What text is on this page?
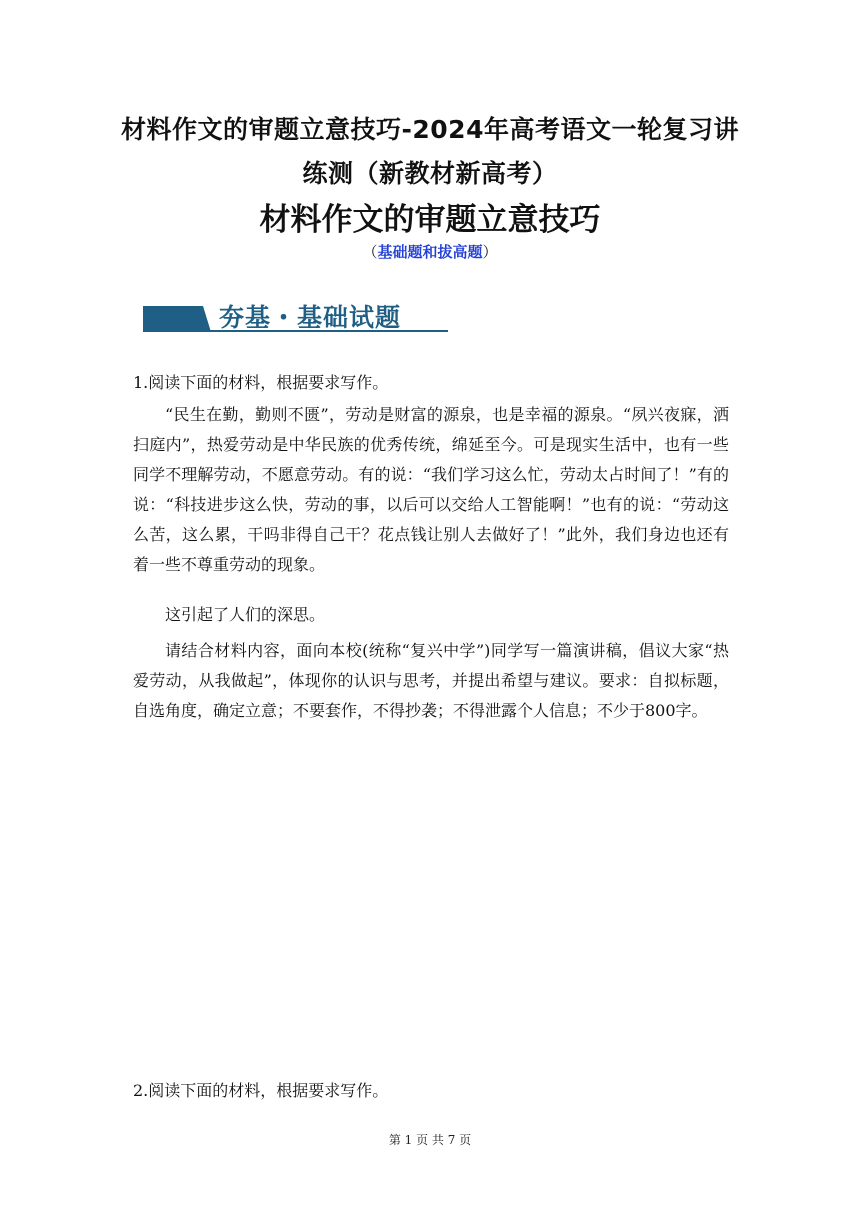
材料作文的审题立意技巧-2024年高考语文一轮复习讲练测（新教材新高考）
材料作文的审题立意技巧
（基础题和拔高题）
夯基・基础试题
1.阅读下面的材料，根据要求写作。
“民生在勤，勤则不匮”，劳动是财富的源泉，也是幸福的源泉。“夙兴夜寐，洒扫庭内”，热爱劳动是中华民族的优秀传统，绵延至今。可是现实生活中，也有一些同学不理解劳动，不愿意劳动。有的说：“我们学习这么忙，劳动太占时间了！”有的说：“科技进步这么快，劳动的事，以后可以交给人工智能啊！”也有的说：“劳动这么苦，这么累，干吗非得自己干？花点钱让别人去做好了！”此外，我们身边也还有着一些不尊重劳动的现象。
这引起了人们的深思。
请结合材料内容，面向本校(统称“复兴中学”)同学写一篇演讲稿，倡议大家“热爱劳动，从我做起”，体现你的认识与思考，并提出希望与建议。要求：自拟标题，自选角度，确定立意；不要套作，不得抄袭；不得泄露个人信息；不少于800字。
2.阅读下面的材料，根据要求写作。
第 1 页 共 7 页
